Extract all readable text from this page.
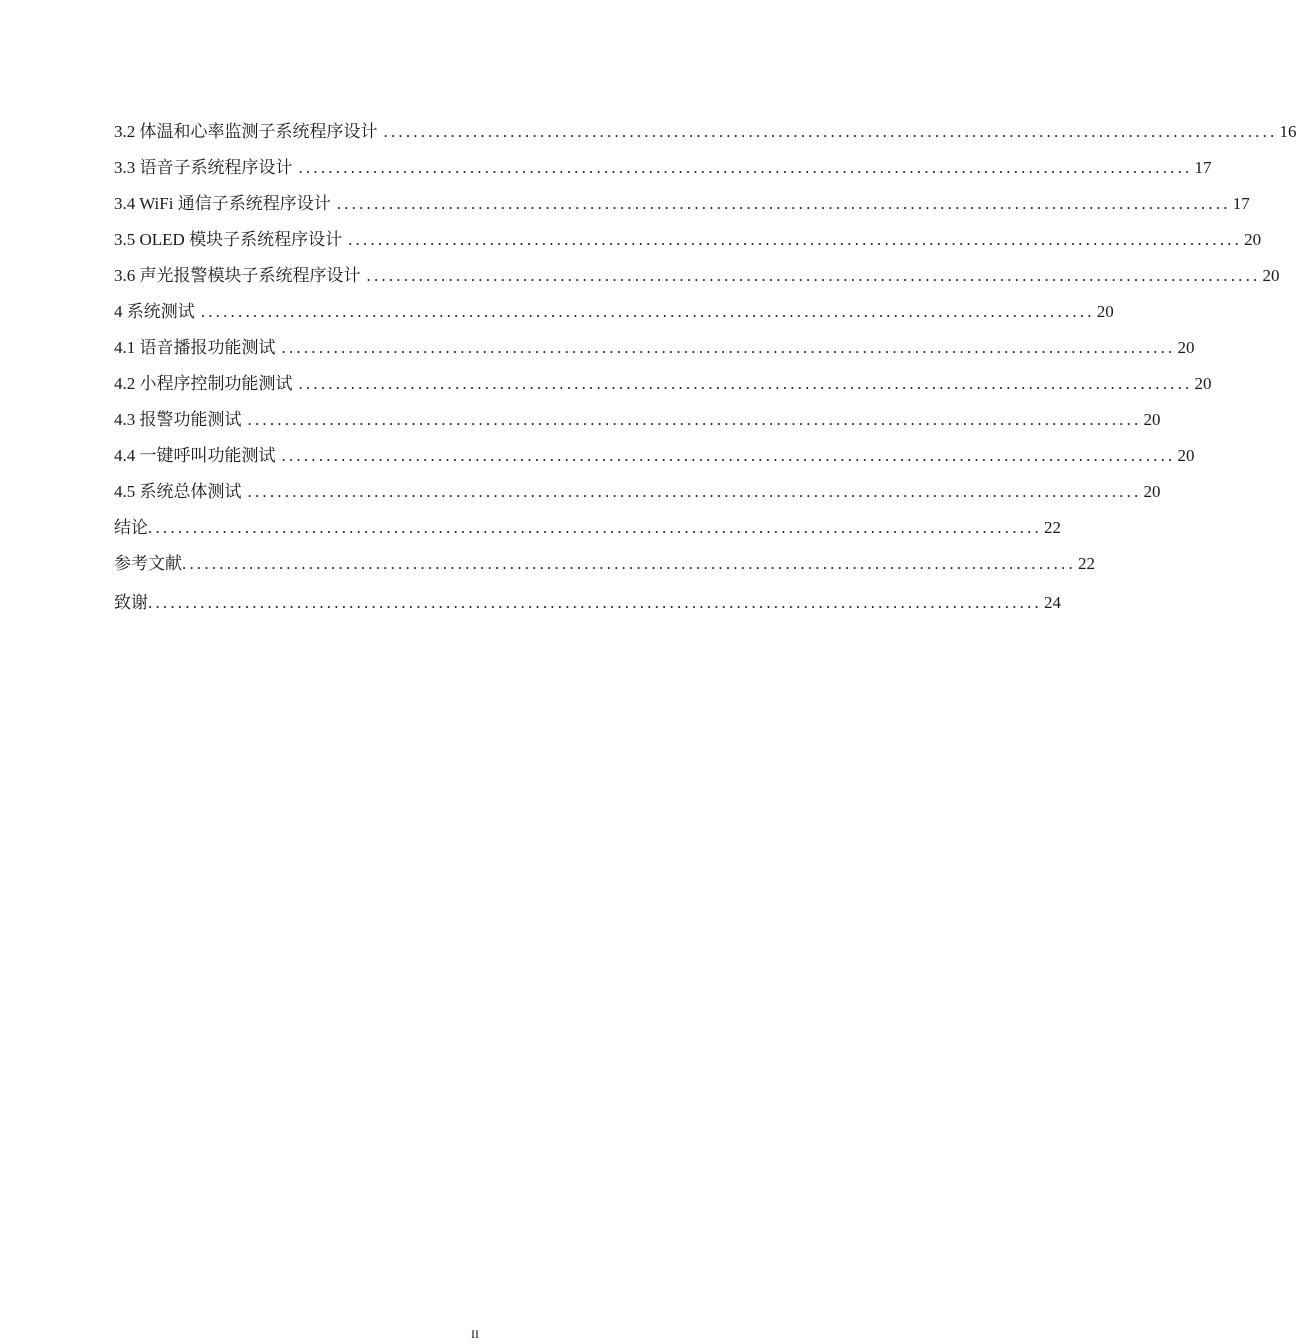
3.2 体温和心率监测子系统程序设计 ........................................................................................................................ 16
3.3 语音子系统程序设计 ........................................................................................................................ 17
3.4 WiFi 通信子系统程序设计 ........................................................................................................................ 17
3.5 OLED 模块子系统程序设计 ........................................................................................................................ 20
3.6 声光报警模块子系统程序设计 ........................................................................................................................ 20
4 系统测试 ........................................................................................................................ 20
4.1 语音播报功能测试 ........................................................................................................................ 20
4.2 小程序控制功能测试 ........................................................................................................................ 20
4.3 报警功能测试 ........................................................................................................................ 20
4.4 一键呼叫功能测试 ........................................................................................................................ 20
4.5 系统总体测试 ........................................................................................................................ 20
结论 ........................................................................................................................ 22
参考文献 ........................................................................................................................ 22
致谢 ........................................................................................................................ 24
II
